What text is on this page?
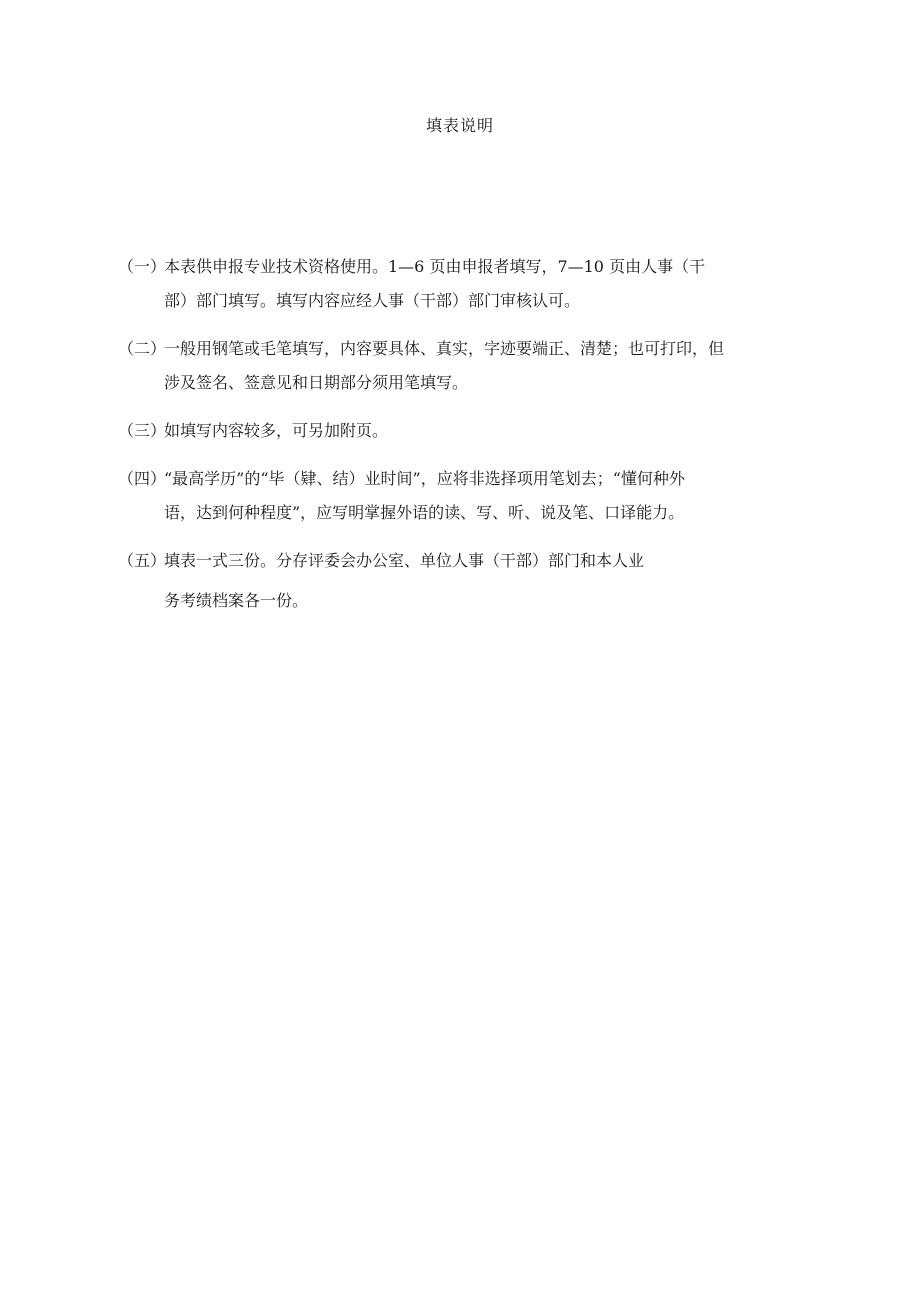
填表说明
（一）本表供申报专业技术资格使用。1—6 页由申报者填写，7—10 页由人事（干
部）部门填写。填写内容应经人事（干部）部门审核认可。
（二）一般用钢笔或毛笔填写，内容要具体、真实，字迹要端正、清楚；也可打印，但
涉及签名、签意见和日期部分须用笔填写。
（三）如填写内容较多，可另加附页。
（四）“最高学历”的“毕（肄、结）业时间”，应将非选择项用笔划去；“懂何种外
语，达到何种程度”，应写明掌握外语的读、写、听、说及笔、口译能力。
（五）填表一式三份。分存评委会办公室、单位人事（干部）部门和本人业
务考绩档案各一份。
